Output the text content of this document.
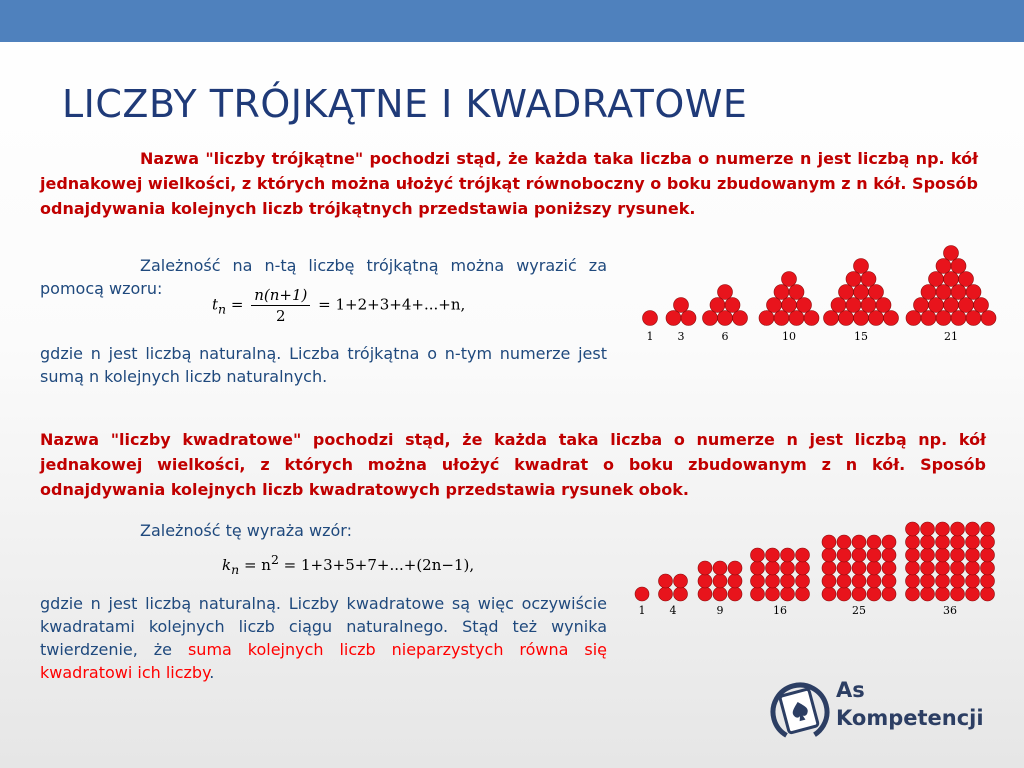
LICZBY TRÓJKĄTNE I KWADRATOWE

Nazwa "liczby trójkątne" pochodzi stąd, że każda taka liczba o numerze n jest liczbą np. kół jednakowej wielkości, z których można ułożyć trójkąt równoboczny o boku zbudowanym z n kół. Sposób odnajdywania kolejnych liczb trójkątnych przedstawia poniższy rysunek.

Zależność na n-tą liczbę trójkątną można wyrazić za pomocą wzoru:

$t_n = \frac{n(n+1)}{2} = 1+2+3+4+...+n$,

gdzie n jest liczbą naturalną. Liczba trójkątna o n-tym numerze jest sumą n kolejnych liczb naturalnych.

1 3	6	10	15	21

Nazwa "liczby kwadratowe" pochodzi stąd, że każda taka liczba o numerze n jest liczbą np. kół jednakowej wielkości, z których można ułożyć kwadrat o boku zbudowanym z n kół. Sposób odnajdywania kolejnych liczb kwadratowych przedstawia rysunek obok.

Zależność tę wyraża wzór:

$k_n = n^2 = 1+3+5+7+...+(2n-1)$,

gdzie n jest liczbą naturalną. Liczby kwadratowe są więc oczywiście kwadratami kolejnych liczb ciągu naturalnego. Stąd też wynika twierdzenie, że suma kolejnych liczb nieparzystych równa się kwadratowi ich liczby.

1 4	9	16	25	36
As
Kompetencji
